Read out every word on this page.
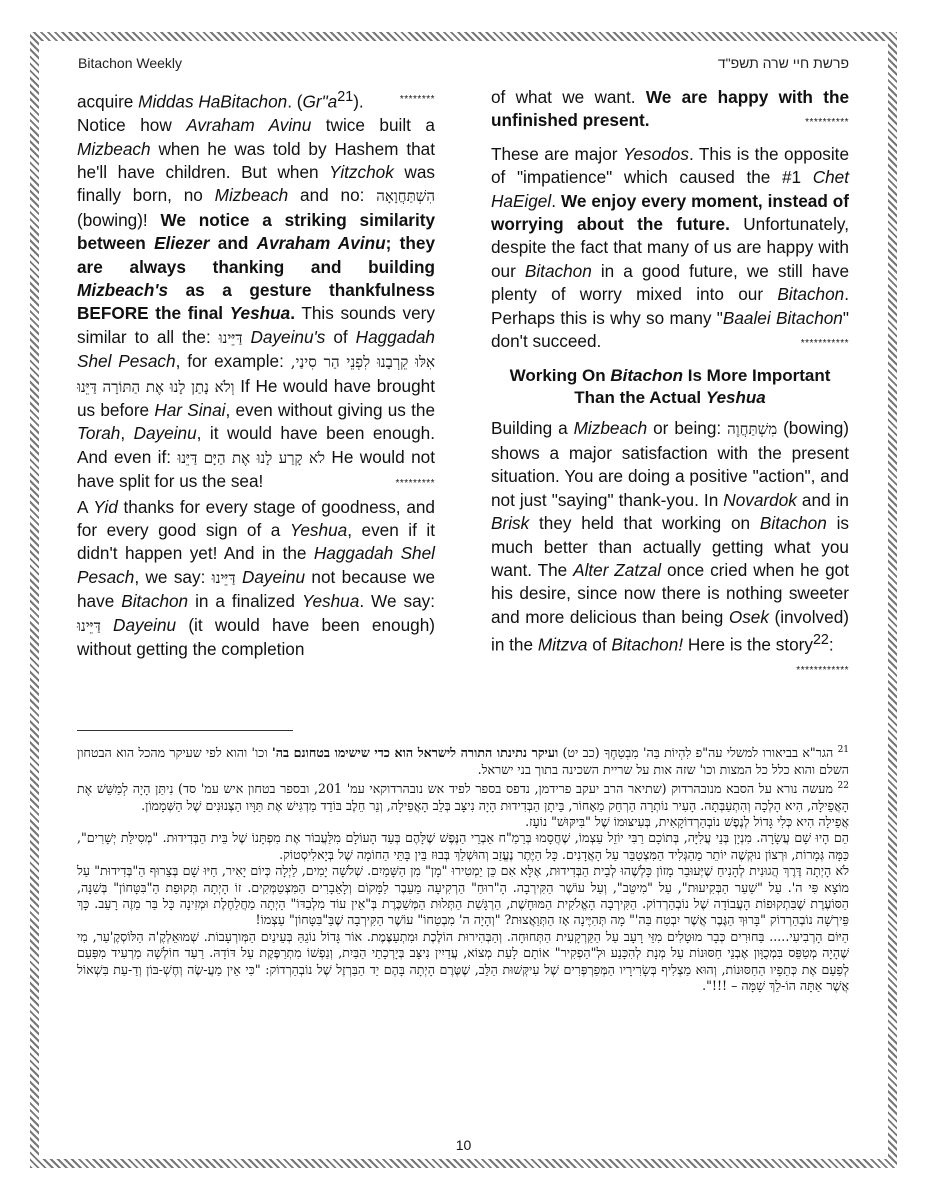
Bitachon Weekly	פרשת חיי שרה תשפ"ד

acquire Middas HaBitachon. $(Gr"a^{21})$.	********

Notice how Avraham Avinu twice built a Mizbeach when he was told by Hashem that he'll have children. But when Yitzchok was finally born, no Mizbeach and no: הִשְׁתַּחֲוָאָה (bowing)! We notice a striking similarity between Eliezer and Avraham Avinu; they are always thanking and building Mizbeach's as a gesture thankfulness BEFORE the final Yeshua. This sounds very similar to all the: דַּיֵּינוּ Dayeinu's of Haggadah Shel Pesach, for example: אִלּוּ קֵרְבָנוּ לִפְנֵי הַר סִינַי, וְלֹא נָתַן לָנוּ אֶת הַתּוֹרָה דַּיֵּנוּ If He would have brought us before Har Sinai, even without giving us the Torah, Dayeinu, it would have been enough. And even if: לֹא קָרַע לָנוּ אֶת הַיָּם דַּיֵּנוּ He would not have split for us the sea!	*********

A Yid thanks for every stage of goodness, and for every good sign of a Yeshua, even if it didn't happen yet! And in the Haggadah Shel Pesach, we say: דַּיֵּינוּ Dayeinu not because we have Bitachon in a finalized Yeshua. We say: דַּיֵּינוּ Dayeinu (it would have been enough) without getting the completion

of what we want. We are happy with the unfinished present.	**********

These are major Yesodos. This is the opposite of "impatience" which caused the #1 Chet HaEigel. We enjoy every moment, instead of worrying about the future. Unfortunately, despite the fact that many of us are happy with our Bitachon in a good future, we still have plenty of worry mixed into our Bitachon. Perhaps this is why so many "Baalei Bitachon" don't succeed.	***********

Working On Bitachon Is More Important Than the Actual Yeshua

Building a Mizbeach or being: מִשְׁתַּחֲוֶה (bowing) shows a major satisfaction with the present situation. You are doing a positive "action", and not just "saying" thank-you. In Novardok and in Brisk they held that working on Bitachon is much better than actually getting what you want. The Alter Zatzal once cried when he got his desire, since now there is nothing sweeter and more delicious than being Osek (involved) in the Mitzva of Bitachon! Here is the story$^{22}$:
************

$^{21}$ הגר"א בביאורו למשלי עה"פ לִהְיוֹת בַּה' מִבְטַחֶךָ (כב יט) ועיקר נתינתו התורה לישראל הוא כדי שישימו בטחונם בה' וכו' והוא לפי שעיקר מהכל הוא הבטחון השלם והוא כלל כל המצות וכו' שזה אות על שריית השכינה בתוך בני ישראל.

$^{22}$ מעשה נורא על הסבא מנובהרדוק (שתיאר הרב יעקב פרידמן, נדפס בספר לפיד אש נובהרדוקאי עמ' 201, ובספר בטחון איש עמ' סד) נִיתַּן הָיָה לְמַשֵּׁשׁ אֶת הָאֲפֵילָה, הִיא הָלְכָה וְהִתְעַבְּתָה. הָעִיר נוֹתְרָה הַרְחֵק מֵאָחוֹר, בֵּיתָן הַבְּדִידוּת הָיָה נִיצָּב בְּלֵב הָאֲפֵילָה, וְנֵר חֵלֶב בּוֹדֵד מַדְגִּישׁ אֶת תַּוָּיו הַצְּנוּנִים שֶׁל הַשְּׁמָמוֹן.

אֲפֵילָה הִיא כְּלִי גָּדוֹל לְנֶפֶשׁ נוֹבְהַרְדוֹקָאִית, בְּעִיצּוּמוֹ שֶׁל "בִּיקּוּשׁ" נוֹעָז.

הֵם הָיוּ שָׁם עֲשָׂרָה. מִנְיָן בְּנֵי עֲלִיָּה, בְּתוֹכָם רַבִּי יוֹזֵל עַצְמוֹ, שֶׁחֲסָמוּ בְּרַמַ"ח אֵבְרֵי הַנֶּפֶשׁ שֶׁלָּהֶם בְּעַד הָעוֹלָם מִלַּעֲבוֹר אֶת מִפְתָּנוֹ שֶׁל בֵּית הַבְּדִידוּת. "מְסִילַּת יְשָׁרִים", כַּמָּה גְּמָרוֹת, וּרְצוֹן נוּקְשֶׁה יוֹתֵר מֵהַגְּלִיד הַמִּצְטַבֵּר עַל הָאֲדָנִים. כָּל הַיֶּתֶר נֶעֱזַב וְהוּשְׁלַךְ בְּבוּז בֵּין בָּתֵּי הַחוֹמָה שֶׁל בְּיָאלִיסְטוֹק.

לֹא הָיְתָה דֶּרֶךְ הֲגוּנִית לְהָנִיחַ שֶׁיְּעוּבַר מָזוֹן כָּלְשֶׁהוּ לְבֵית הַבְּדִידוּת, אֶלָּא אִם כֵּן יַמְטִירוּ "מָן" מִן הַשָּׁמַיִם. שְׁלֹשָׁה יָמִים, לַיְלָה כְּיוֹם יָאִיר, חַיּוּ שָׁם בְּצֵרוּף הַ"בְּדִידוּת" עַל מוֹצָא פִּי ה'. עַל "שַׁעַר הַבְּקִיעוּת", עַל "מִיטֵּב", וְעַל עוֹשֶׁר הַקִּירְבָה. הָ"רוּחַ" הַרְקִיעָה מֵעֵבֶר לַמָּקוֹם וְלָאֵבָרִים הַמִּצְטַמְּקִים. זוֹ הָיְתָה תְּקוּפַת הַ"בִּטָּחוֹן" בְּשִׁנָּה, הַסּוֹעֶרֶת שֶׁבִּתְקוּפוֹת הָעֲבוֹדָה שֶׁל נוֹבְהַרְדוֹק. הַקִּירְבָה הָאֱלֹקִית הַמּוּחָשֶׁת, הַרְגָּשַׁת הַתְּלוּת הַמְּשַׁכֶּרֶת בְּ"אֵין עוֹד מִלְבַדּוֹ" הָיְתָה מַחֲלַחֶלֶת וּמְזִינָה כָּל בַּר מֵזֶה רָעֵב. כָּךְ פֵּירְשָׁה נוֹבְהַרְדוֹק "בָּרוּךְ הַגֶּבֶר אֲשֶׁר יִבְטַח בַּה'" מָה תְּהִיֶּינָה אָז הַתְּוַאֲצוּת? "וְהָיָה ה' מִבְטַחוֹ" עוֹשֶׁר הַקִּירְבָה שֶׁבַּ"בִּטָּחוֹן" עַצְמוֹ!

הַיּוֹם הָרְבִיעִי..... בַּחוּרִים כְּבָר מוּטָלִים מִזֵּי רָעָב עַל הַקַּרְקָעִית הַתְּחוּחָה. וְהַבְּהִירוּת הוֹלֶכֶת וּמִתְעַצֶּמֶת. אוֹר גָּדוֹל נוֹגֵהַּ בְּעֵינַיִם הַמְּורְעָבוֹת. שְׁמוּאֵלְקֶ'ה הַלּוֹסְקֶ'עַר, מִי שֶׁהָיָה מְטַפֵּס בִּמְכֻוָּון אֶבְנֵי חַסּוּנוֹת עַל מְנָת לְהִכָּנַע וּלְ"הַפְקִיר" אוֹתָם לָעַת מְצוֹא, עֲדַיִין נִיצָּב בְּיָרְכָתֵי הַבַּיִת, וְנַפְשׁוֹ מִתְרַפֶּקֶת עַל דּוֹדָהּ. רַעַד חוֹלְשָׁה מַרְעִיד מִפַּעַם לְפַעַם אֶת כְּתֵפָיו הַחַסּוּנוֹת, וְהוּא מַצְלִיף בְּשָׂרִירָיו הַמְּפַרְפְּרִים שֶׁל עִיקְּשׁוּת הַלֵּב, שֶׁטֶּרֶם הָיְתָה בָּהֶם יַד הַבַּרְזֶל שֶׁל נוֹבְהַרְדוֹק: "כִּי אֵין מַעֲ-שֶׂה וְחֶשְׁ-בּוֹן וְדַ-עַת בִּשְׁאוֹל אֲשֶׁר אַתָּה הוֹ-לֵךְ שָׁמָּה – !!!".

10
